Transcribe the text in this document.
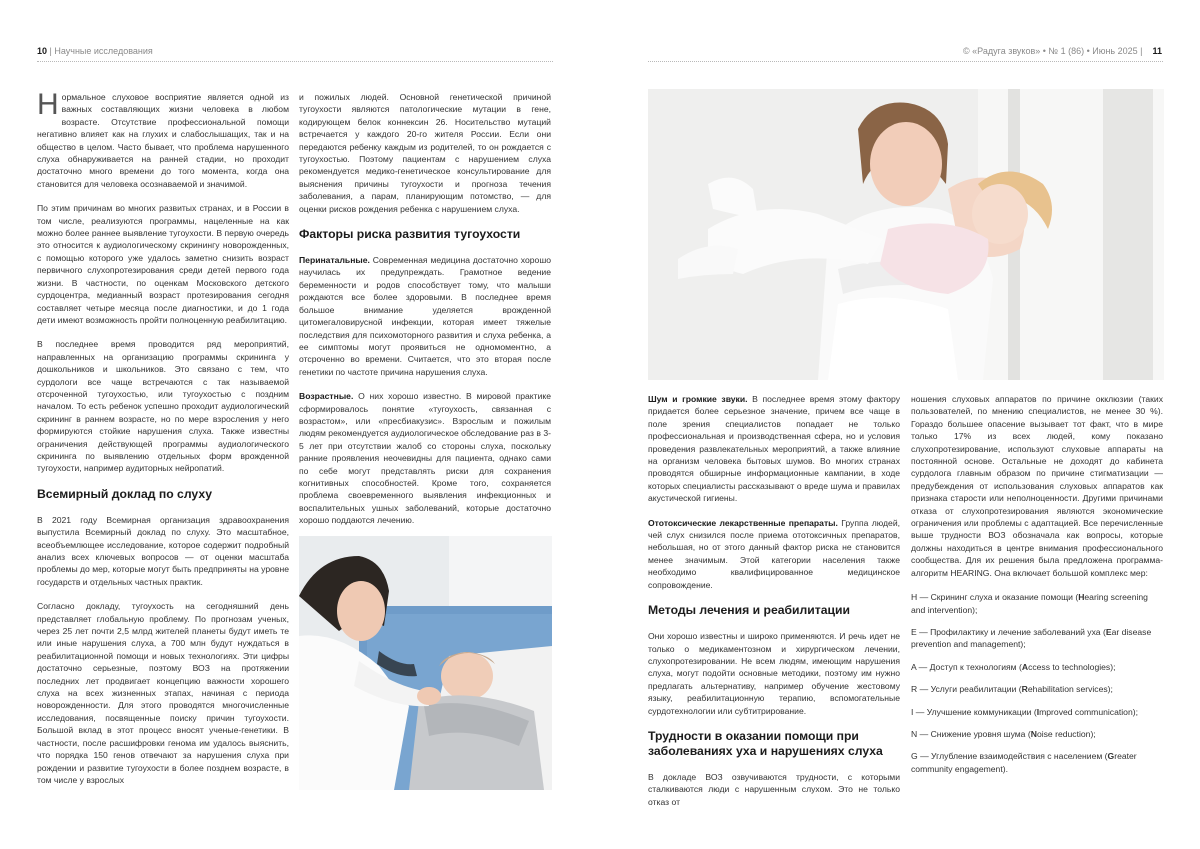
10 | Научные исследования	© «Радуга звуков» • № 1 (86) • Июнь 2025 | 11

Нормальное слуховое восприятие является одной из важных составляющих жизни человека в любом возрасте. Отсутствие профессиональной помощи негативно влияет как на глухих и слабослышащих, так и на общество в целом. Часто бывает, что проблема нарушенного слуха обнаруживается на ранней стадии, но проходит достаточно много времени до того момента, когда она становится для человека осознаваемой и значимой.

По этим причинам во многих развитых странах, и в России в том числе, реализуются программы, нацеленные на как можно более раннее выявление тугоухости. В первую очередь это относится к аудиологическому скринингу новорожденных, с помощью которого уже удалось заметно снизить возраст первичного слухопротезирования среди детей первого года жизни. В частности, по оценкам Московского детского сурдоцентра, медианный возраст протезирования сегодня составляет четыре месяца после диагностики, и до 1 года дети имеют возможность пройти полноценную реабилитацию.

В последнее время проводится ряд мероприятий, направленных на организацию программы скрининга у дошкольников и школьников. Это связано с тем, что сурдологи все чаще встречаются с так называемой отсроченной тугоухостью, или тугоухостью с поздним началом. То есть ребенок успешно проходит аудиологический скрининг в раннем возрасте, но по мере взросления у него формируются стойкие нарушения слуха. Также известны ограничения действующей программы аудиологического скрининга по выявлению отдельных форм врожденной тугоухости, например аудиторных нейропатий.

Всемирный доклад по слуху

В 2021 году Всемирная организация здравоохранения выпустила Всемирный доклад по слуху. Это масштабное, всеобъемлющее исследование, которое содержит подробный анализ всех ключевых вопросов — от оценки масштаба проблемы до мер, которые могут быть предприняты на уровне государств и отдельных частных практик.

Согласно докладу, тугоухость на сегодняшний день представляет глобальную проблему. По прогнозам ученых, через 25 лет почти 2,5 млрд жителей планеты будут иметь те или иные нарушения слуха, а 700 млн будут нуждаться в реабилитационной помощи и новых технологиях. Эти цифры достаточно серьезные, поэтому ВОЗ на протяжении последних лет продвигает концепцию важности хорошего слуха на всех жизненных этапах, начиная с периода новорожденности. Для этого проводятся многочисленные исследования, посвященные поиску причин тугоухости. Большой вклад в этот процесс вносят ученые-генетики. В частности, после расшифровки генома им удалось выяснить, что порядка 150 генов отвечают за нарушения слуха при рождении и развитие тугоухости в более позднем возрасте, в том числе у взрослых

и пожилых людей. Основной генетической причиной тугоухости являются патологические мутации в гене, кодирующем белок коннексин 26. Носительство мутаций встречается у каждого 20-го жителя России. Если они передаются ребенку каждым из родителей, то он рождается с тугоухостью. Поэтому пациентам с нарушением слуха рекомендуется медико-генетическое консультирование для выяснения причины тугоухости и прогноза течения заболевания, а парам, планирующим потомство, — для оценки рисков рождения ребенка с нарушением слуха.

Факторы риска развития тугоухости

Перинатальные. Современная медицина достаточно хорошо научилась их предупреждать. Грамотное ведение беременности и родов способствует тому, что малыши рождаются все более здоровыми. В последнее время большое внимание уделяется врожденной цитомегаловирусной инфекции, которая имеет тяжелые последствия для психомоторного развития и слуха ребенка, а ее симптомы могут проявиться не одномоментно, а отсроченно во времени. Считается, что это вторая после генетики по частоте причина нарушения слуха.

Возрастные. О них хорошо известно. В мировой практике сформировалось понятие «тугоухость, связанная с возрастом», или «пресбиакузис». Взрослым и пожилым людям рекомендуется аудиологическое обследование раз в 3-5 лет при отсутствии жалоб со стороны слуха, поскольку ранние проявления неочевидны для пациента, однако сами по себе могут представлять риски для сохранения когнитивных способностей. Кроме того, сохраняется проблема своевременного выявления инфекционных и воспалительных ушных заболеваний, которые достаточно хорошо поддаются лечению.

Шум и громкие звуки. В последнее время этому фактору придается более серьезное значение, причем все чаще в поле зрения специалистов попадает не только профессиональная и производственная сфера, но и условия проведения развлекательных мероприятий, а также влияние на организм человека бытовых шумов. Во многих странах проводятся обширные информационные кампании, в ходе которых специалисты рассказывают о вреде шума и правилах акустической гигиены.

Ототоксические лекарственные препараты. Группа людей, чей слух снизился после приема ототоксичных препаратов, небольшая, но от этого данный фактор риска не становится менее значимым. Этой категории населения также необходимо квалифицированное медицинское сопровождение.

Методы лечения и реабилитации

Они хорошо известны и широко применяются. И речь идет не только о медикаментозном и хирургическом лечении, слухопротезировании. Не всем людям, имеющим нарушения слуха, могут подойти основные методики, поэтому им нужно предлагать альтернативу, например обучение жестовому языку, реабилитационную терапию, вспомогательные сурдотехнологии или субтитрирование.

Трудности в оказании помощи при заболеваниях уха и нарушениях слуха

В докладе ВОЗ озвучиваются трудности, с которыми сталкиваются люди с нарушенным слухом. Это не только отказ от

ношения слуховых аппаратов по причине окклюзии (таких пользователей, по мнению специалистов, не менее 30 %). Гораздо большее опасение вызывает тот факт, что в мире только 17% из всех людей, кому показано слухопротезирование, используют слуховые аппараты на постоянной основе. Остальные не доходят до кабинета сурдолога главным образом по причине стигматизации — предубеждения от использования слуховых аппаратов как признака старости или неполноценности. Другими причинами отказа от слухопротезирования являются экономические ограничения или проблемы с адаптацией. Все перечисленные выше трудности ВОЗ обозначала как вопросы, которые должны находиться в центре внимания профессионального сообщества. Для их решения была предложена программа-алгоритм HEARING. Она включает большой комплекс мер:

H — Скрининг слуха и оказание помощи (Hearing screening and intervention);

E — Профилактику и лечение заболеваний уха (Ear disease prevention and management);

A — Доступ к технологиям (Access to technologies);

R — Услуги реабилитации (Rehabilitation services);

I — Улучшение коммуникации (Improved communication);

N — Снижение уровня шума (Noise reduction);

G — Углубление взаимодействия с населением (Greater community engagement).
